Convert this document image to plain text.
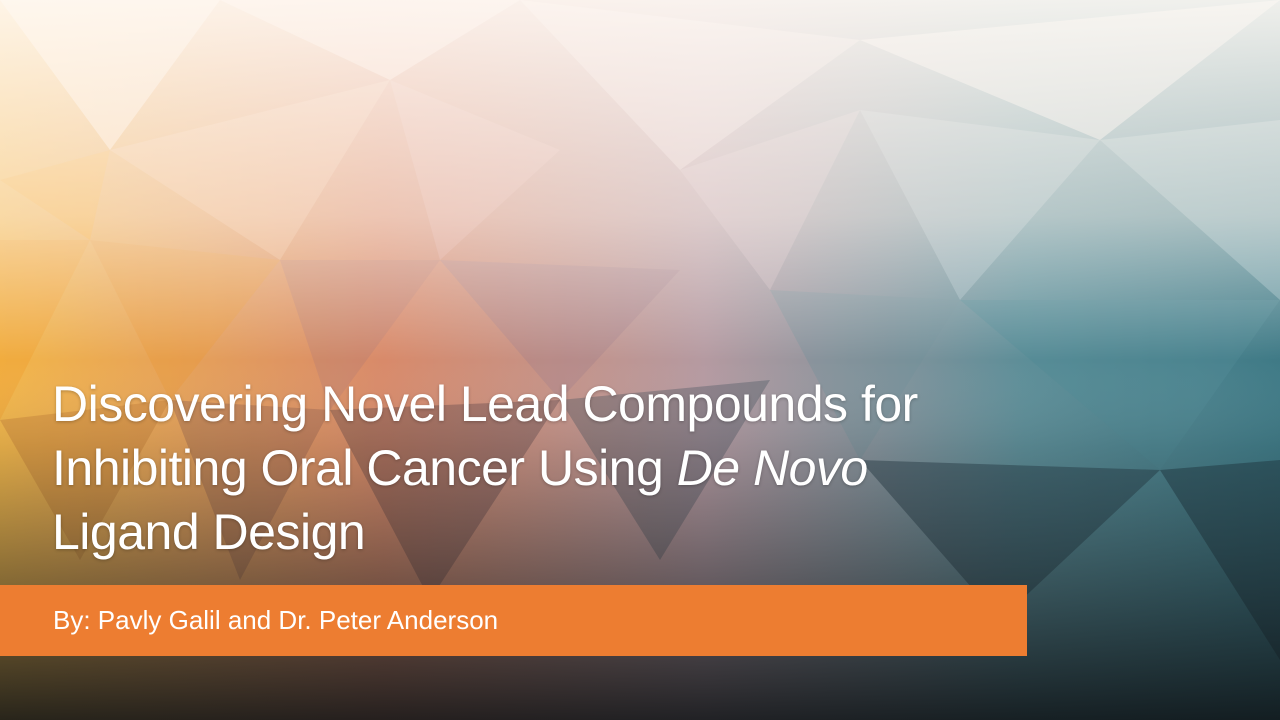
Discovering Novel Lead Compounds for Inhibiting Oral Cancer Using De Novo Ligand Design
By: Pavly Galil and Dr. Peter Anderson
